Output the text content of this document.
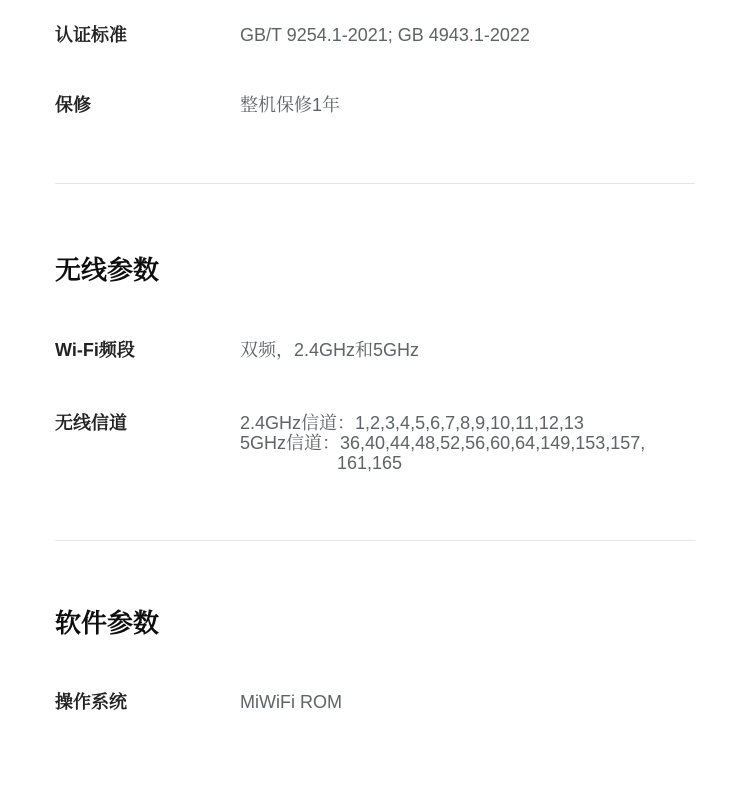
认证标准	GB/T 9254.1-2021; GB 4943.1-2022
保修	整机保修1年
无线参数
Wi-Fi频段	双频，2.4GHz和5GHz
无线信道	2.4GHz信道：1,2,3,4,5,6,7,8,9,10,11,12,13

5GHz信道：36,40,44,48,52,56,60,64,149,153,157,

161,165

软件参数
操作系统	MiWiFi ROM
